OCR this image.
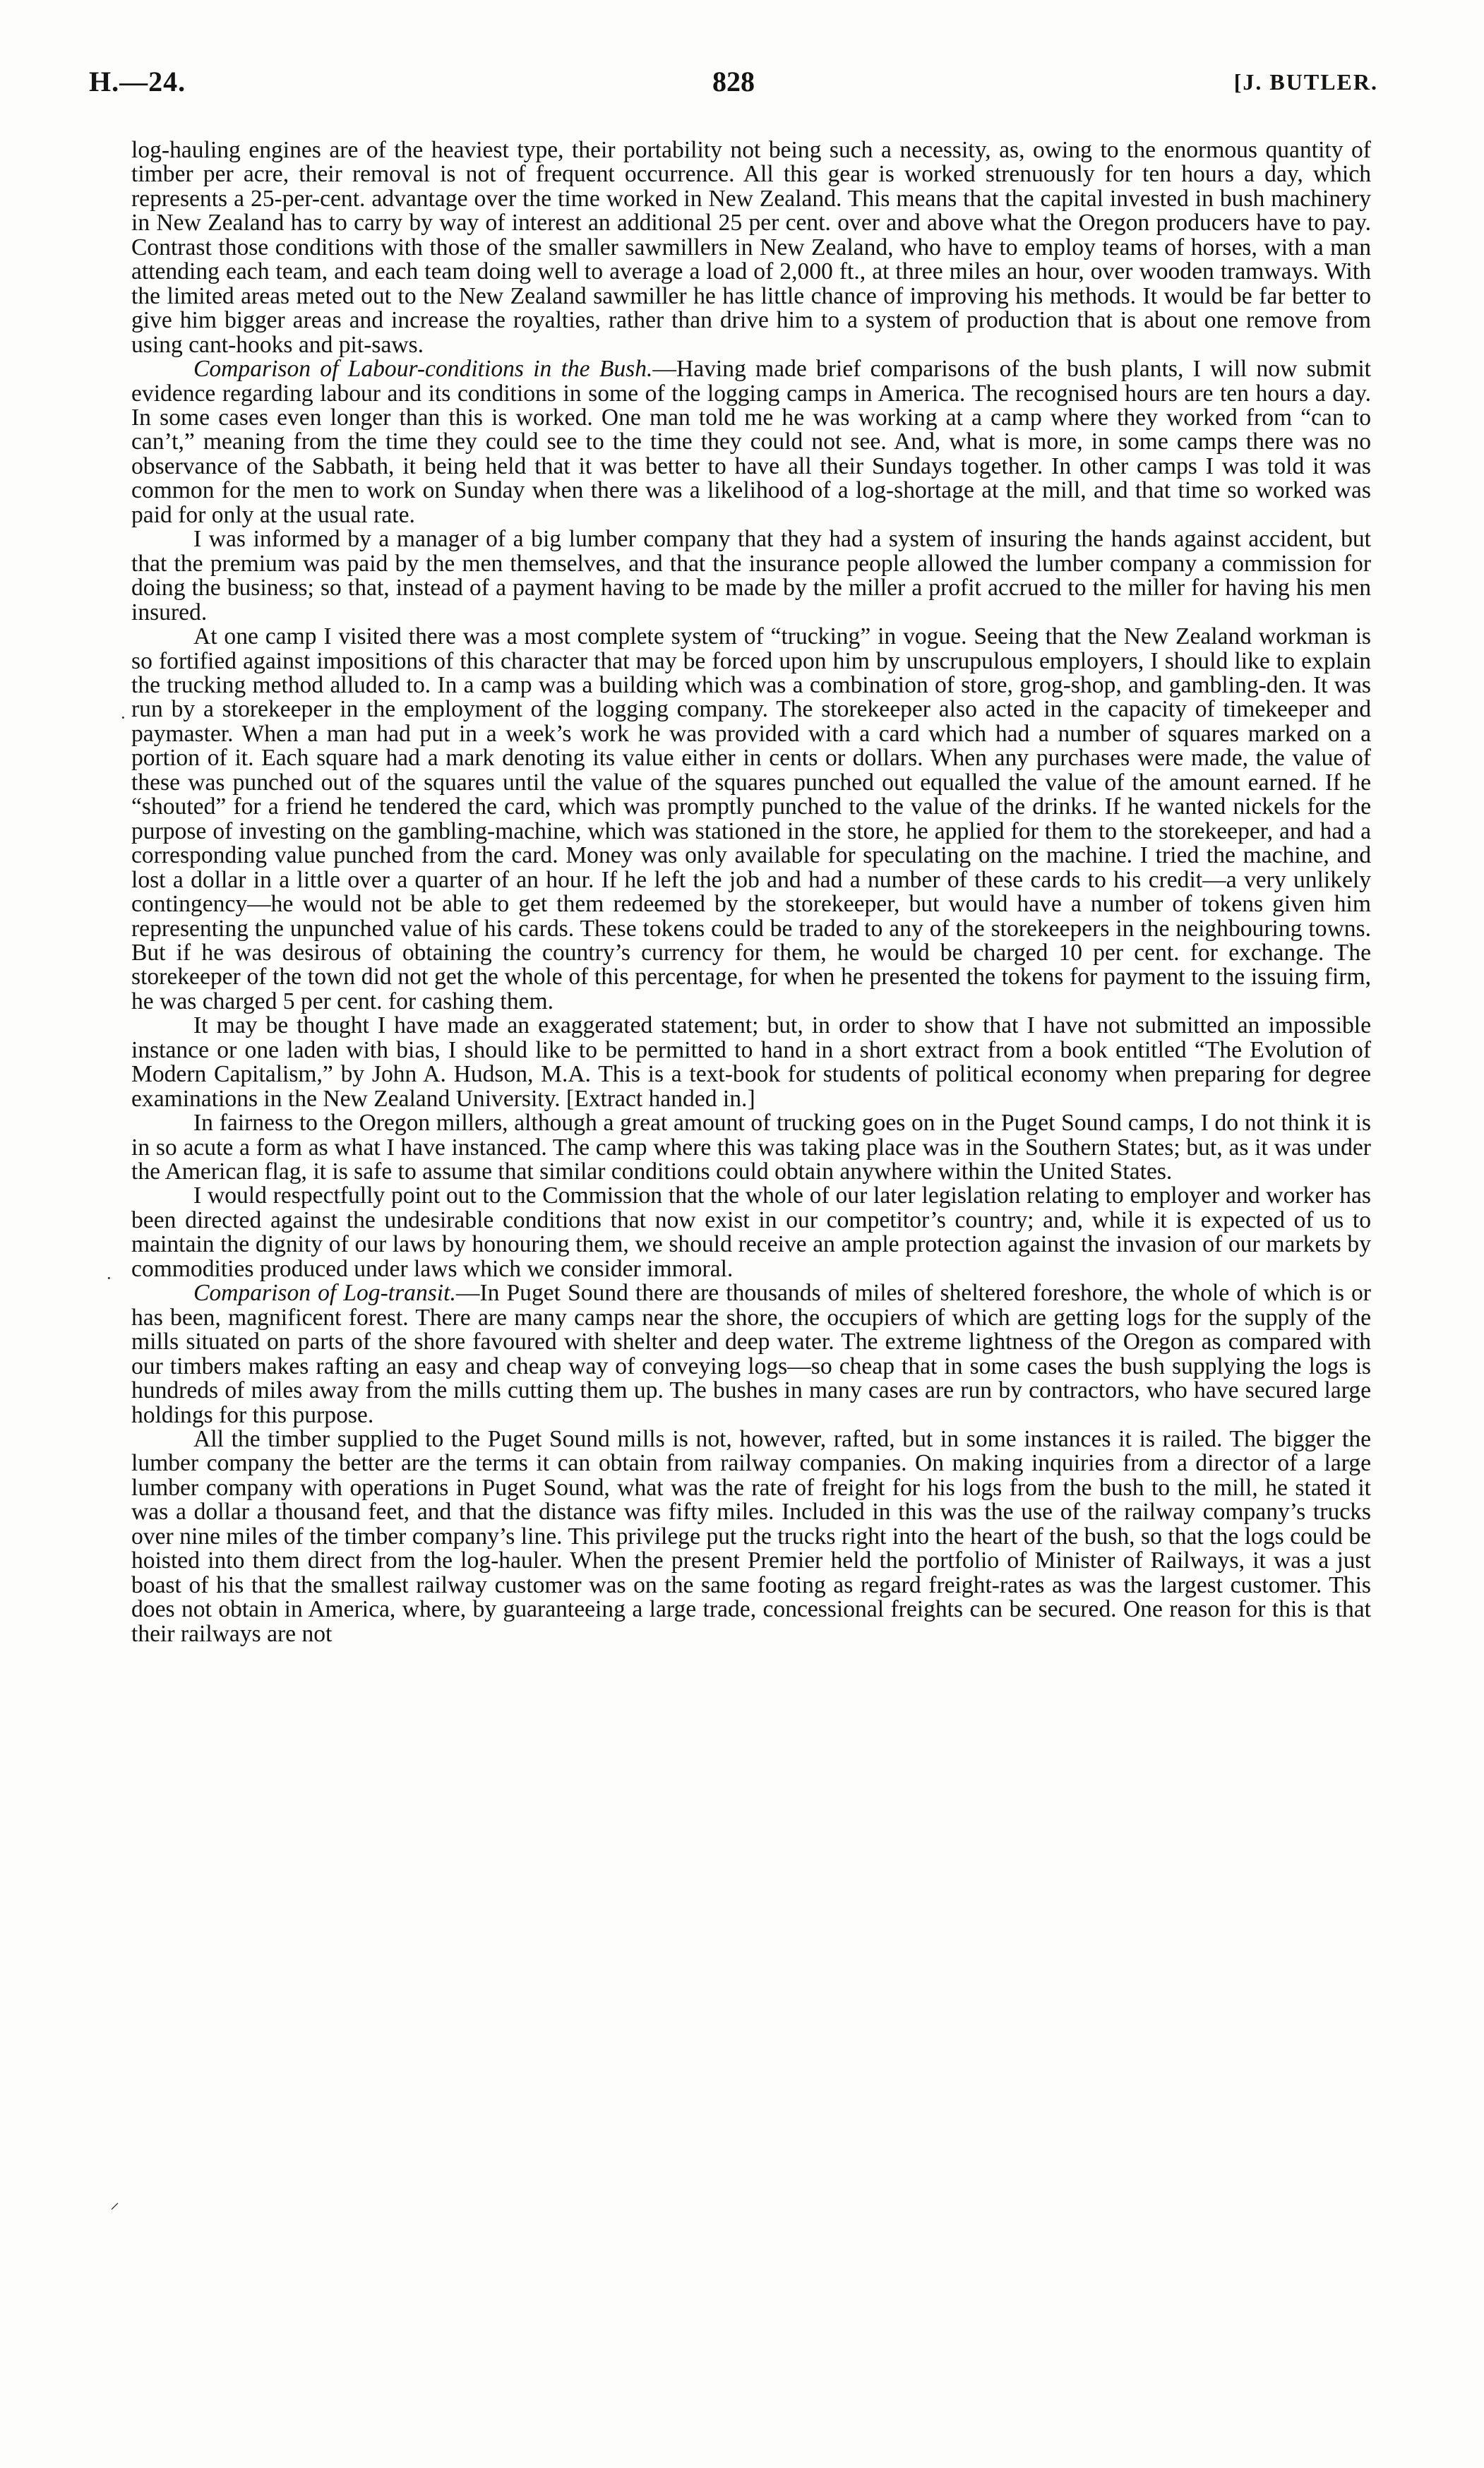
H.—24.	828	[J. BUTLER.

log-hauling engines are of the heaviest type, their portability not being such a necessity, as, owing to the enormous quantity of timber per acre, their removal is not of frequent occurrence. All this gear is worked strenuously for ten hours a day, which represents a 25-per-cent. advantage over the time worked in New Zealand. This means that the capital invested in bush machinery in New Zealand has to carry by way of interest an additional 25 per cent. over and above what the Oregon producers have to pay. Contrast those conditions with those of the smaller sawmillers in New Zealand, who have to employ teams of horses, with a man attending each team, and each team doing well to average a load of 2,000 ft., at three miles an hour, over wooden tramways. With the limited areas meted out to the New Zealand sawmiller he has little chance of improving his methods. It would be far better to give him bigger areas and increase the royalties, rather than drive him to a system of production that is about one remove from using cant-hooks and pit-saws.

Comparison of Labour-conditions in the Bush.—Having made brief comparisons of the bush plants, I will now submit evidence regarding labour and its conditions in some of the logging camps in America. The recognised hours are ten hours a day. In some cases even longer than this is worked. One man told me he was working at a camp where they worked from “can to can’t,” meaning from the time they could see to the time they could not see. And, what is more, in some camps there was no observance of the Sabbath, it being held that it was better to have all their Sundays together. In other camps I was told it was common for the men to work on Sunday when there was a likelihood of a log-shortage at the mill, and that time so worked was paid for only at the usual rate.

I was informed by a manager of a big lumber company that they had a system of insuring the hands against accident, but that the premium was paid by the men themselves, and that the insurance people allowed the lumber company a commission for doing the business; so that, instead of a payment having to be made by the miller a profit accrued to the miller for having his men insured.

At one camp I visited there was a most complete system of “trucking” in vogue. Seeing that the New Zealand workman is so fortified against impositions of this character that may be forced upon him by unscrupulous employers, I should like to explain the trucking method alluded to. In a camp was a building which was a combination of store, grog-shop, and gambling-den. It was run by a storekeeper in the employment of the logging company. The storekeeper also acted in the capacity of timekeeper and paymaster. When a man had put in a week’s work he was provided with a card which had a number of squares marked on a portion of it. Each square had a mark denoting its value either in cents or dollars. When any purchases were made, the value of these was punched out of the squares until the value of the squares punched out equalled the value of the amount earned. If he “shouted” for a friend he tendered the card, which was promptly punched to the value of the drinks. If he wanted nickels for the purpose of investing on the gambling-machine, which was stationed in the store, he applied for them to the storekeeper, and had a corresponding value punched from the card. Money was only available for speculating on the machine. I tried the machine, and lost a dollar in a little over a quarter of an hour. If he left the job and had a number of these cards to his credit—a very unlikely contingency—he would not be able to get them redeemed by the storekeeper, but would have a number of tokens given him representing the unpunched value of his cards. These tokens could be traded to any of the storekeepers in the neighbouring towns. But if he was desirous of obtaining the country’s currency for them, he would be charged 10 per cent. for exchange. The storekeeper of the town did not get the whole of this percentage, for when he presented the tokens for payment to the issuing firm, he was charged 5 per cent. for cashing them.

It may be thought I have made an exaggerated statement; but, in order to show that I have not submitted an impossible instance or one laden with bias, I should like to be permitted to hand in a short extract from a book entitled “The Evolution of Modern Capitalism,” by John A. Hudson, M.A. This is a text-book for students of political economy when preparing for degree examinations in the New Zealand University. [Extract handed in.]

In fairness to the Oregon millers, although a great amount of trucking goes on in the Puget Sound camps, I do not think it is in so acute a form as what I have instanced. The camp where this was taking place was in the Southern States; but, as it was under the American flag, it is safe to assume that similar conditions could obtain anywhere within the United States.

I would respectfully point out to the Commission that the whole of our later legislation relating to employer and worker has been directed against the undesirable conditions that now exist in our competitor’s country; and, while it is expected of us to maintain the dignity of our laws by honouring them, we should receive an ample protection against the invasion of our markets by commodities produced under laws which we consider immoral.

Comparison of Log-transit.—In Puget Sound there are thousands of miles of sheltered foreshore, the whole of which is or has been, magnificent forest. There are many camps near the shore, the occupiers of which are getting logs for the supply of the mills situated on parts of the shore favoured with shelter and deep water. The extreme lightness of the Oregon as compared with our timbers makes rafting an easy and cheap way of conveying logs—so cheap that in some cases the bush supplying the logs is hundreds of miles away from the mills cutting them up. The bushes in many cases are run by contractors, who have secured large holdings for this purpose.

All the timber supplied to the Puget Sound mills is not, however, rafted, but in some instances it is railed. The bigger the lumber company the better are the terms it can obtain from railway companies. On making inquiries from a director of a large lumber company with operations in Puget Sound, what was the rate of freight for his logs from the bush to the mill, he stated it was a dollar a thousand feet, and that the distance was fifty miles. Included in this was the use of the railway company’s trucks over nine miles of the timber company’s line. This privilege put the trucks right into the heart of the bush, so that the logs could be hoisted into them direct from the log-hauler. When the present Premier held the portfolio of Minister of Railways, it was a just boast of his that the smallest railway customer was on the same footing as regard freight-rates as was the largest customer. This does not obtain in America, where, by guaranteeing a large trade, concessional freights can be secured. One reason for this is that their railways are not

·
·
⸝
